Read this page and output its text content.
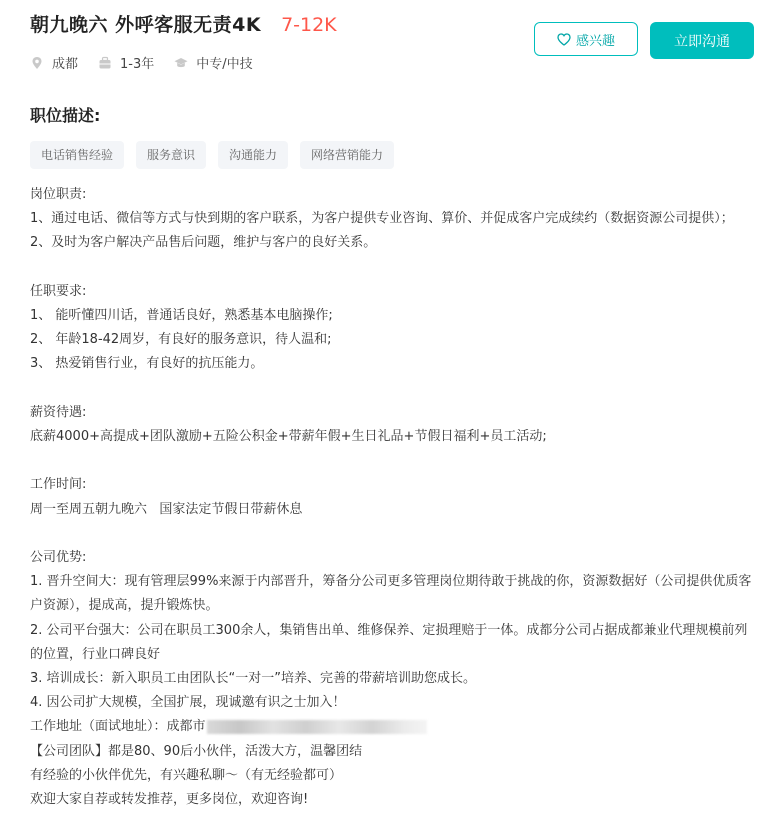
朝九晚六 外呼客服无责4K 7-12K
成都	1-3年	中专/中技
感兴趣	立即沟通
职位描述:
电话销售经验	服务意识	沟通能力	网络营销能力

岗位职责:

1、通过电话、微信等方式与快到期的客户联系，为客户提供专业咨询、算价、并促成客户完成续约（数据资源公司提供）；

2、及时为客户解决产品售后问题，维护与客户的良好关系。

任职要求:

1、 能听懂四川话，普通话良好，熟悉基本电脑操作;

2、 年龄18-42周岁，有良好的服务意识，待人温和;

3、 热爱销售行业，有良好的抗压能力。

薪资待遇:

底薪4000+高提成+团队激励+五险公积金+带薪年假+生日礼品+节假日福利+员工活动;

工作时间:

周一至周五朝九晚六   国家法定节假日带薪休息

公司优势:

1. 晋升空间大：现有管理层99%来源于内部晋升，筹备分公司更多管理岗位期待敢于挑战的你，资源数据好（公司提供优质客户资源），提成高，提升锻炼快。

2. 公司平台强大：公司在职员工300余人，集销售出单、维修保养、定损理赔于一体。成都分公司占据成都兼业代理规模前列的位置，行业口碑良好

3. 培训成长：新入职员工由团队长“一对一”培养、完善的带薪培训助您成长。

4. 因公司扩大规模，全国扩展，现诚邀有识之士加入！

工作地址（面试地址）：成都市

【公司团队】都是80、90后小伙伴，活泼大方，温馨团结

有经验的小伙伴优先，有兴趣私聊～（有无经验都可）

欢迎大家自荐或转发推荐，更多岗位，欢迎咨询!
